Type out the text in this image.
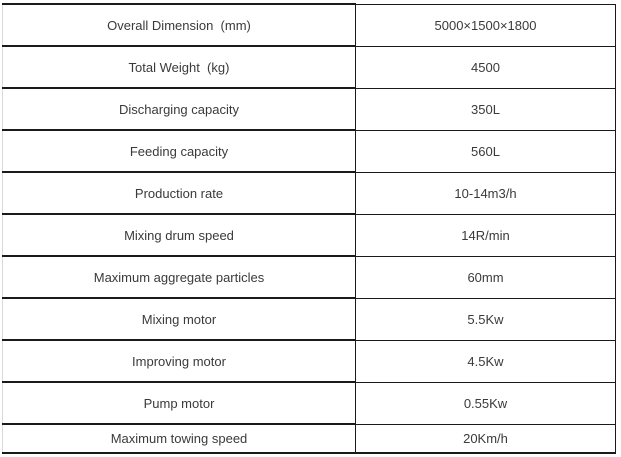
Overall Dimension  (mm)	5000×1500×1800
Total Weight  (kg)	4500
Discharging capacity	350L
Feeding capacity	560L
Production rate	10-14m3/h
Mixing drum speed	14R/min
Maximum aggregate particles	60mm
Mixing motor	5.5Kw
Improving motor	4.5Kw
Pump motor	0.55Kw
Maximum towing speed	20Km/h
